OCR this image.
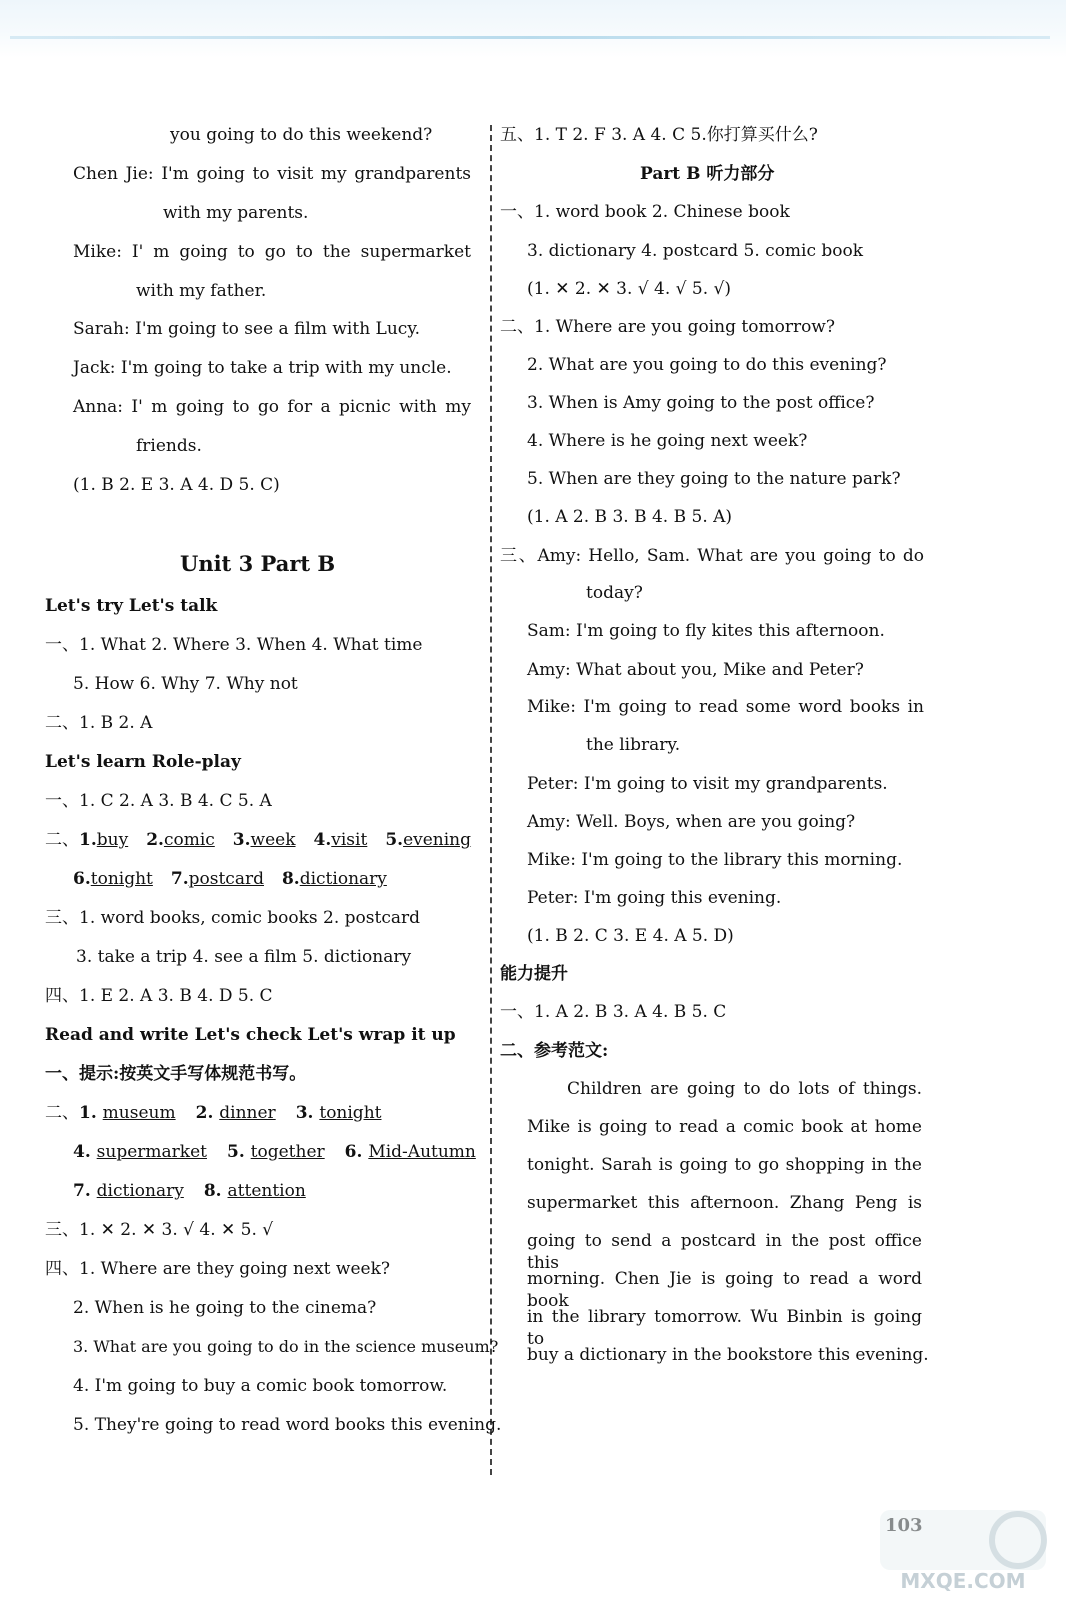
you going to do this weekend?
Chen Jie: I'm going to visit my grandparents
with my parents.
Mike: I' m going to go to the supermarket
with my father.
Sarah: I'm going to see a film with Lucy.
Jack: I'm going to take a trip with my uncle.
Anna: I' m going to go for a picnic with my
friends.
(1. B 2. E 3. A 4. D 5. C)
Let's try Let's talk
一、1. What 2. Where 3. When 4. What time
5. How 6. Why 7. Why not
二、1. B 2. A
Let's learn Role-play
一、1. C 2. A 3. B 4. C 5. A
三、1. word books, comic books 2. postcard
3. take a trip 4. see a film 5. dictionary
四、1. E 2. A 3. B 4. D 5. C
Read and write Let's check Let's wrap it up
一、提示:按英文手写体规范书写。
三、1. ✕ 2. ✕ 3. √ 4. ✕ 5. √
四、1. Where are they going next week?
2. When is he going to the cinema?
3. What are you going to do in the science museum?
4. I'm going to buy a comic book tomorrow.
5. They're going to read word books this evening.
五、1. T 2. F 3. A 4. C 5.你打算买什么?
Part B 听力部分
一、1. word book 2. Chinese book
3. dictionary 4. postcard 5. comic book
(1. ✕ 2. ✕ 3. √ 4. √ 5. √)
二、1. Where are you going tomorrow?
2. What are you going to do this evening?
3. When is Amy going to the post office?
4. Where is he going next week?
5. When are they going to the nature park?
(1. A 2. B 3. B 4. B 5. A)
三、Amy: Hello, Sam. What are you going to do
today?
Sam: I'm going to fly kites this afternoon.
Amy: What about you, Mike and Peter?
Mike: I'm going to read some word books in
the library.
Peter: I'm going to visit my grandparents.
Amy: Well. Boys, when are you going?
Mike: I'm going to the library this morning.
Peter: I'm going this evening.
(1. B 2. C 3. E 4. A 5. D)
能力提升
一、1. A 2. B 3. A 4. B 5. C
二、参考范文:
Children are going to do lots of things.
Mike is going to read a comic book at home
tonight. Sarah is going to go shopping in the
supermarket this afternoon. Zhang Peng is
going to send a postcard in the post office this
morning. Chen Jie is going to read a word book
in the library tomorrow. Wu Binbin is going to
buy a dictionary in the bookstore this evening.
二、1.buy 2.comic 3.week 4.visit 5.evening
6.tonight 7.postcard 8.dictionary
二、1. museum 2. dinner 3. tonight
4. supermarket 5. together 6. Mid-Autumn
7. dictionary 8. attention
Unit 3 Part B
MXQE.COM
